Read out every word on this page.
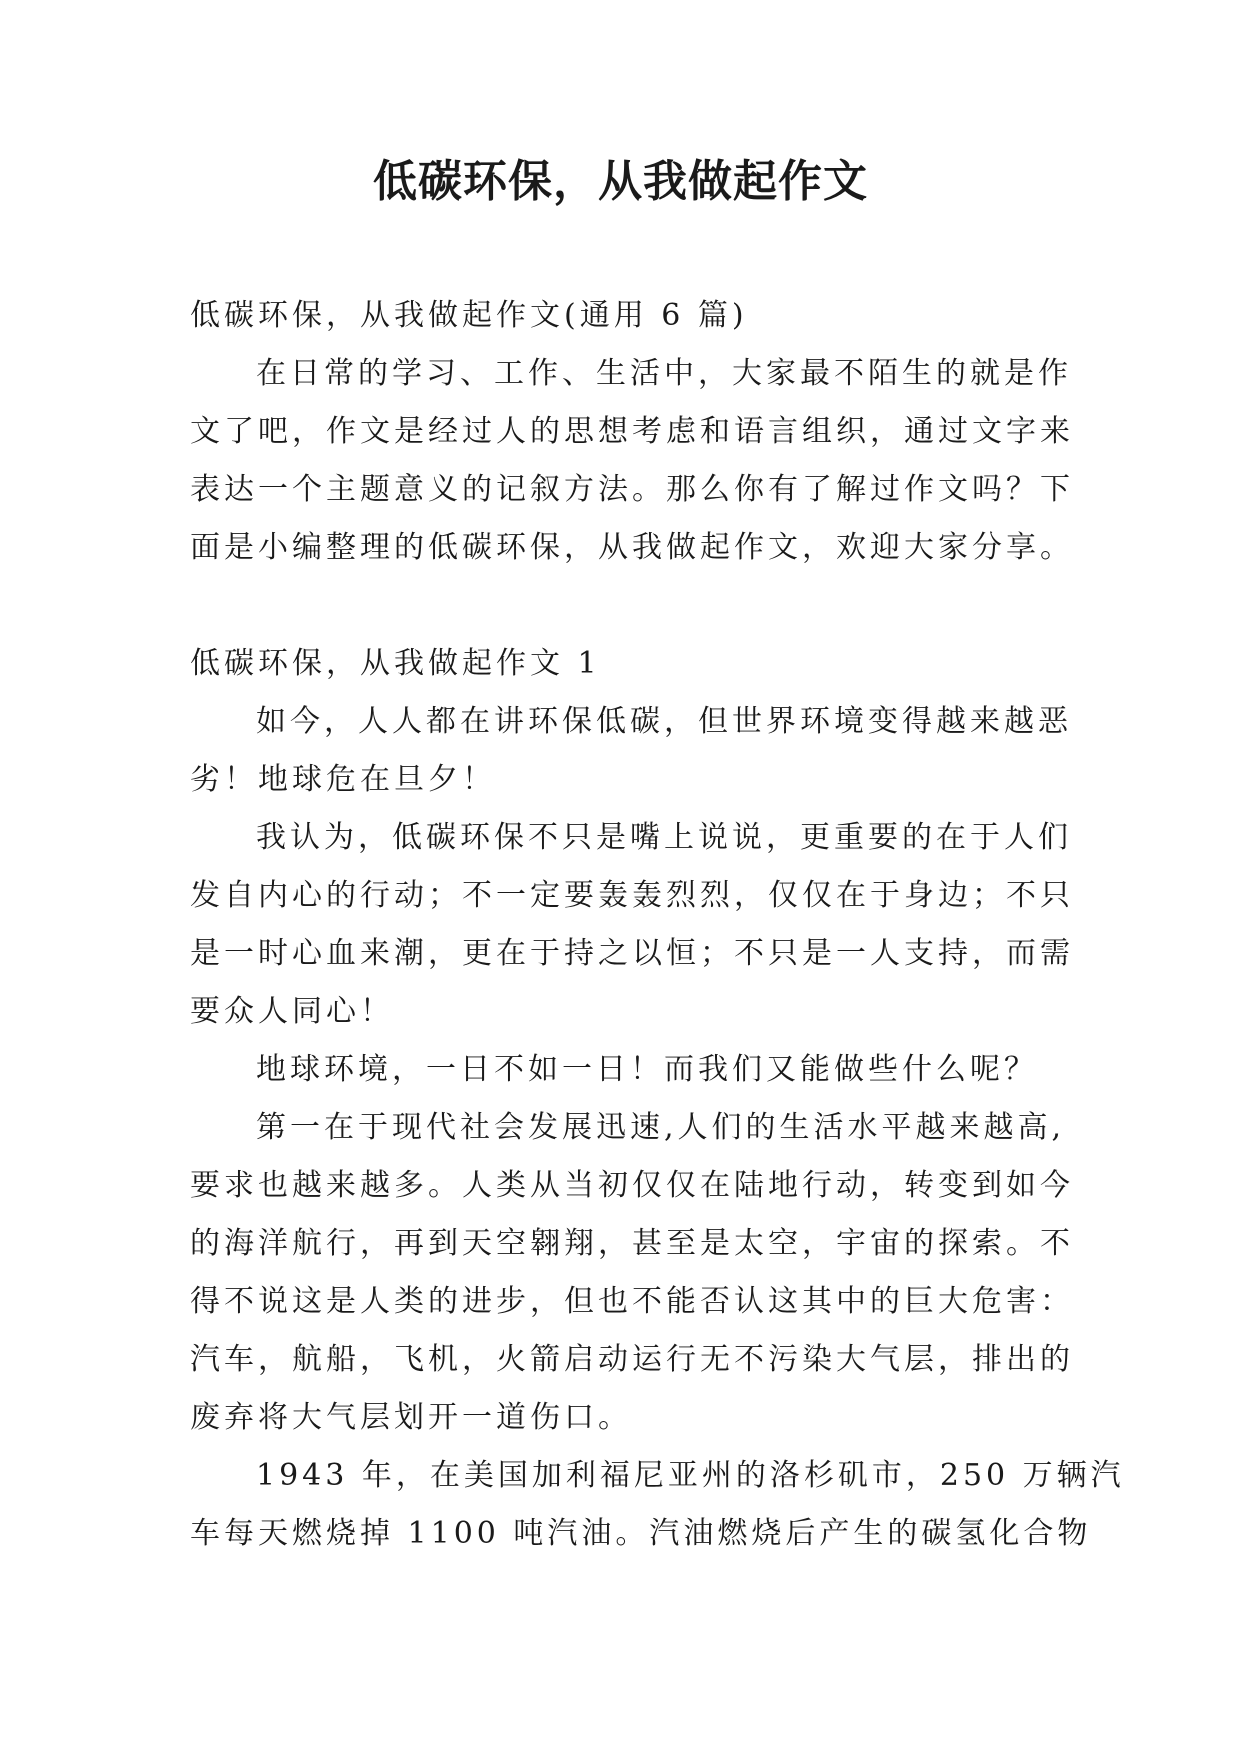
低碳环保，从我做起作文

低碳环保，从我做起作文(通用 6 篇)

在日常的学习、工作、生活中，大家最不陌生的就是作

文了吧，作文是经过人的思想考虑和语言组织，通过文字来

表达一个主题意义的记叙方法。那么你有了解过作文吗？下

面是小编整理的低碳环保，从我做起作文，欢迎大家分享。

低碳环保，从我做起作文 1

如今，人人都在讲环保低碳，但世界环境变得越来越恶

劣！地球危在旦夕！

我认为，低碳环保不只是嘴上说说，更重要的在于人们

发自内心的行动；不一定要轰轰烈烈，仅仅在于身边；不只

是一时心血来潮，更在于持之以恒；不只是一人支持，而需

要众人同心！

地球环境，一日不如一日！而我们又能做些什么呢？

第一在于现代社会发展迅速,人们的生活水平越来越高,

要求也越来越多。人类从当初仅仅在陆地行动，转变到如今

的海洋航行，再到天空翱翔，甚至是太空，宇宙的探索。不

得不说这是人类的进步，但也不能否认这其中的巨大危害：

汽车，航船，飞机，火箭启动运行无不污染大气层，排出的

废弃将大气层划开一道伤口。

1943 年，在美国加利福尼亚州的洛杉矶市，250 万辆汽

车每天燃烧掉 1100 吨汽油。汽油燃烧后产生的碳氢化合物
